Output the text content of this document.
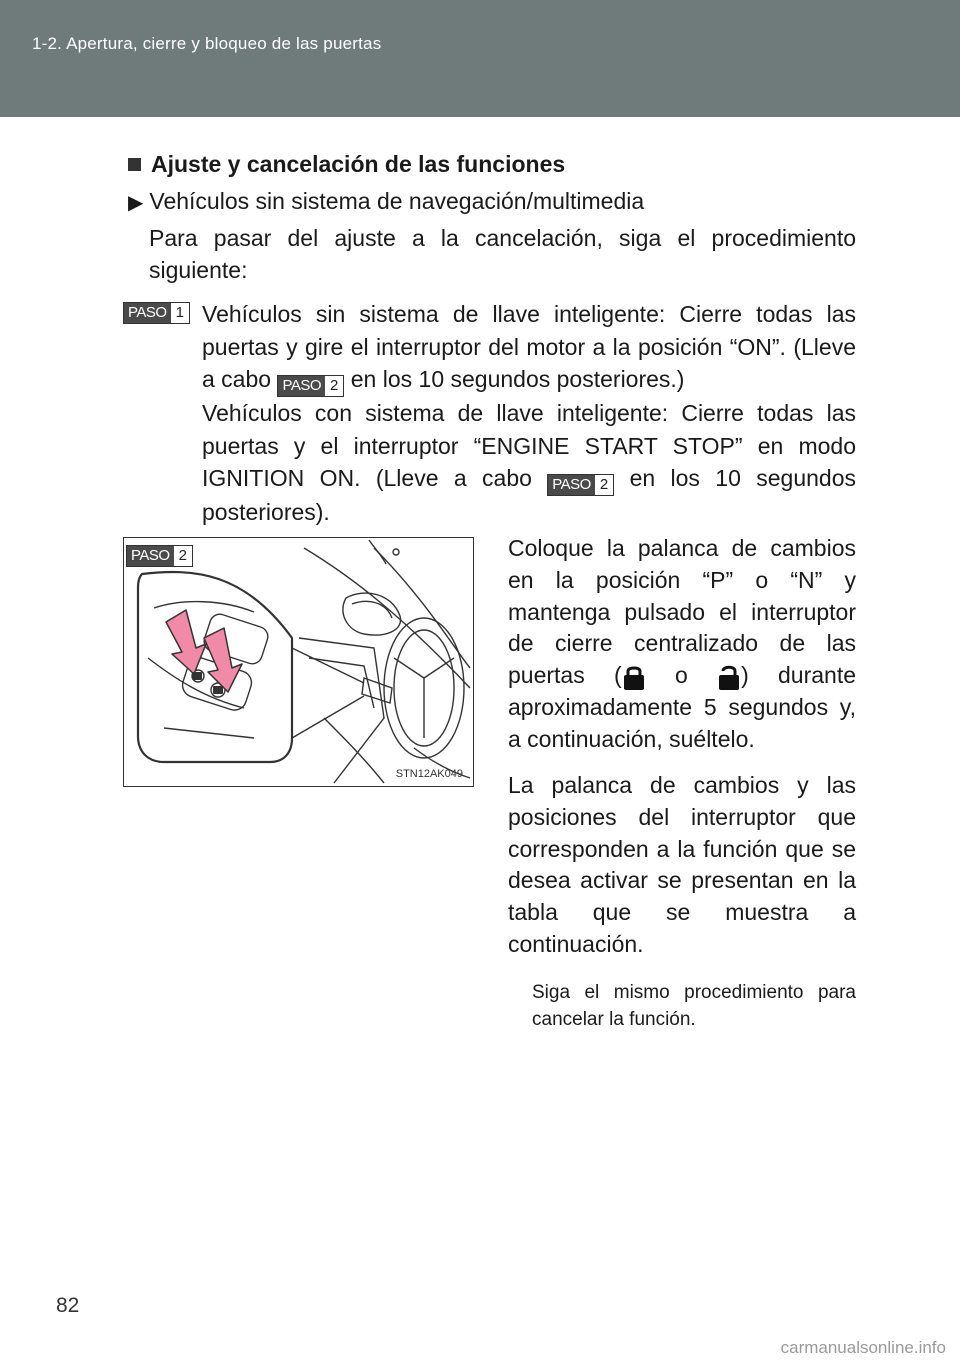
1-2. Apertura, cierre y bloqueo de las puertas
Ajuste y cancelación de las funciones
▶ Vehículos sin sistema de navegación/multimedia
Para pasar del ajuste a la cancelación, siga el procedimiento siguiente:
PASO 1 Vehículos sin sistema de llave inteligente: Cierre todas las puertas y gire el interruptor del motor a la posición “ON”. (Lleve a cabo PASO 2 en los 10 segundos posteriores.)
Vehículos con sistema de llave inteligente: Cierre todas las puertas y el interruptor “ENGINE START STOP” en modo IGNITION ON. (Lleve a cabo PASO 2 en los 10 segundos posteriores).
PASO 2
STN12AK049
Coloque la palanca de cambios en la posición “P” o “N” y mantenga pulsado el interruptor de cierre centralizado de las puertas ( o ) durante aproximadamente 5 segundos y, a continuación, suéltelo.
La palanca de cambios y las posiciones del interruptor que corresponden a la función que se desea activar se presentan en la tabla que se muestra a continuación.
Siga el mismo procedimiento para cancelar la función.
82
carmanualsonline.info
